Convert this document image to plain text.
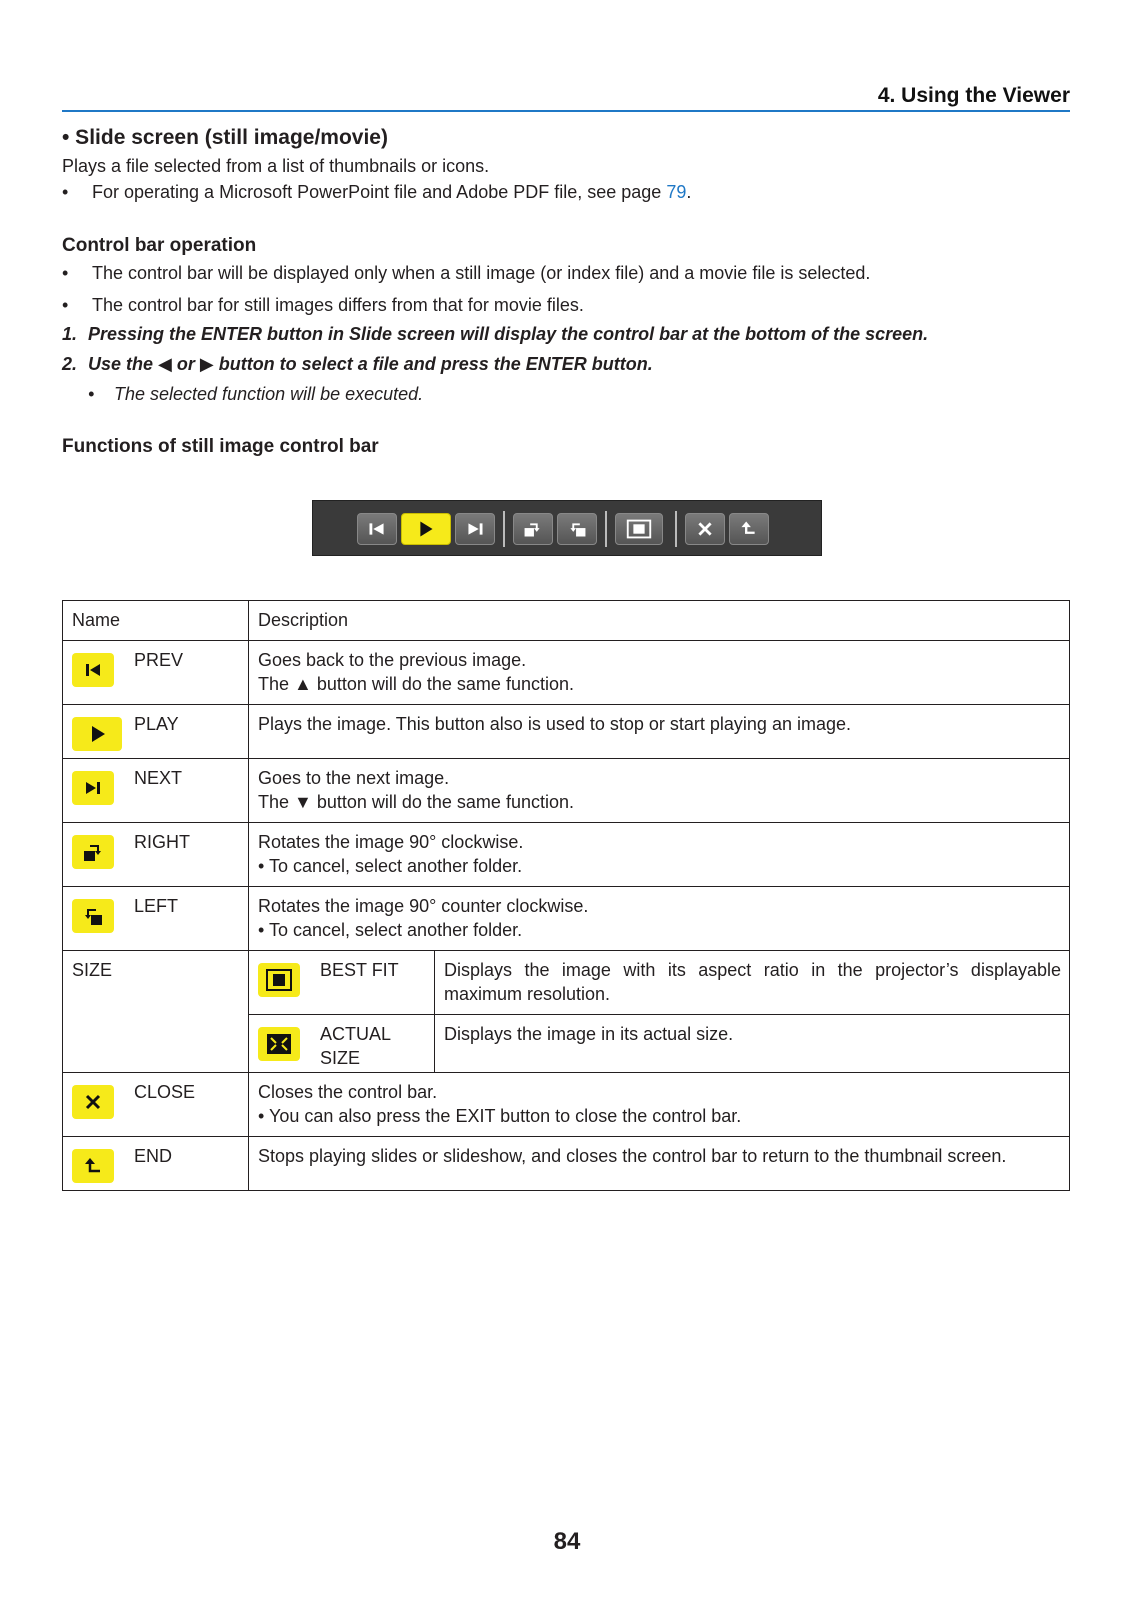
4. Using the Viewer
• Slide screen (still image/movie)
Plays a file selected from a list of thumbnails or icons.
• For operating a Microsoft PowerPoint file and Adobe PDF file, see page 79.
Control bar operation
• The control bar will be displayed only when a still image (or index file) and a movie file is selected.
• The control bar for still images differs from that for movie files.
1. Pressing the ENTER button in Slide screen will display the control bar at the bottom of the screen.
2. Use the ◀ or ▶ button to select a file and press the ENTER button.
• The selected function will be executed.
Functions of still image control bar
Name	Description	

PREV	Goes back to the previous image.
The ▲ button will do the same function.	

PLAY	Plays the image. This button also is used to stop or start playing an image.	

NEXT	Goes to the next image.
The ▼ button will do the same function.	

RIGHT	Rotates the image 90° clockwise.
• To cancel, select another folder.	

LEFT	Rotates the image 90° counter clockwise.
• To cancel, select another folder.	

SIZE	BEST FIT	Displays the image with its aspect ratio in the projector’s displayable maximum resolution.

	ACTUAL SIZE	Displays the image in its actual size.

CLOSE	Closes the control bar.
• You can also press the EXIT button to close the control bar.	

END	Stops playing slides or slideshow, and closes the control bar to return to the thumbnail screen.	
84
